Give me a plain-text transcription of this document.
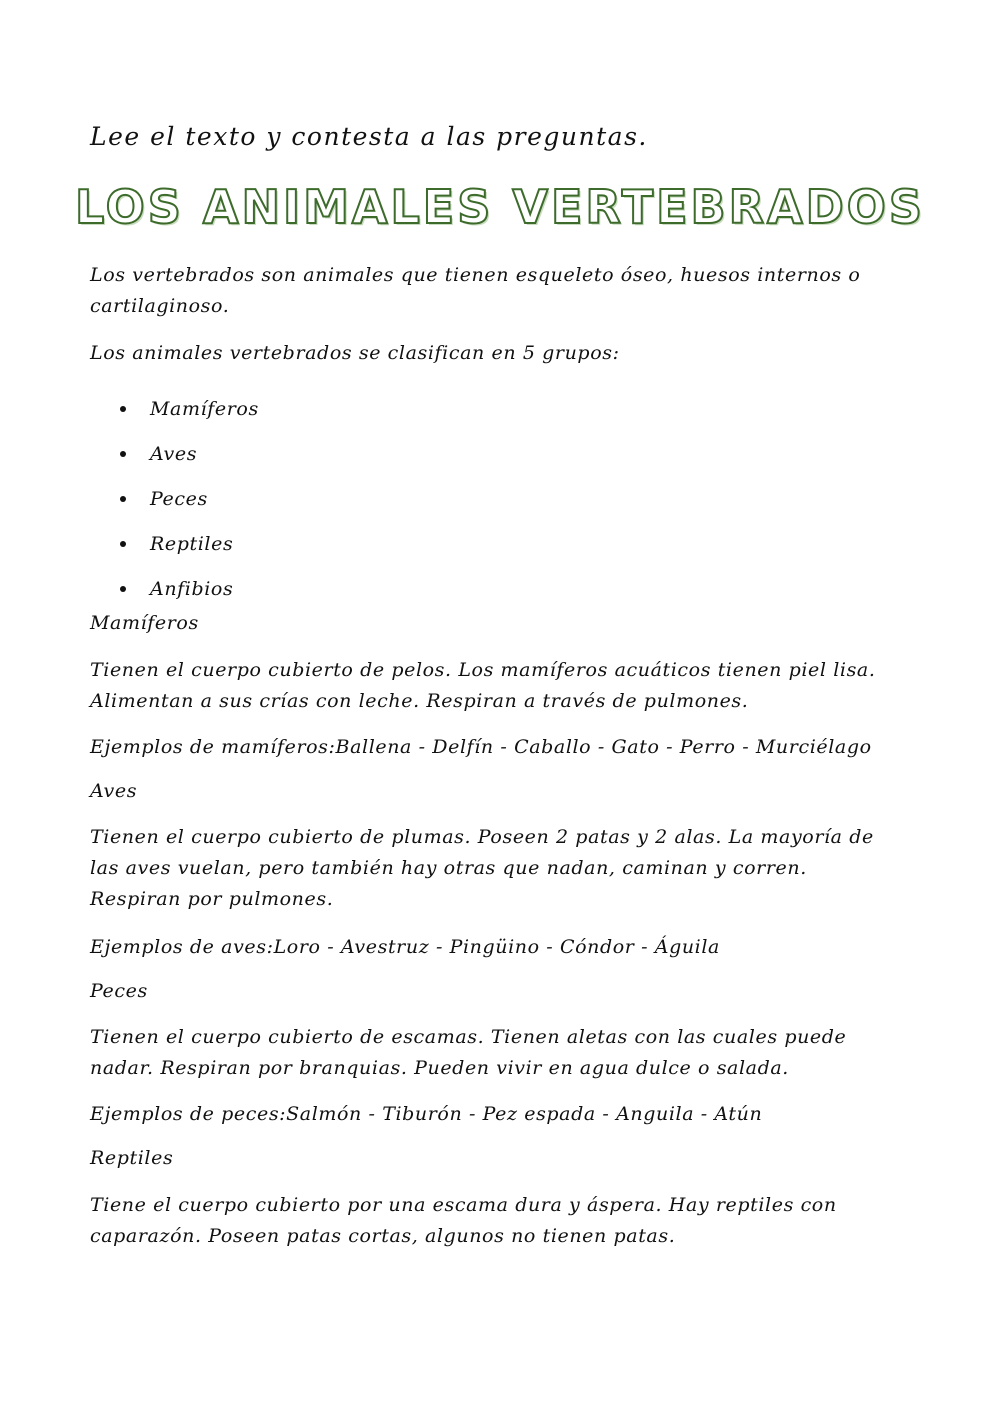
Lee el texto y contesta a las preguntas.
LOS ANIMALES VERTEBRADOS
Los vertebrados son animales que tienen esqueleto óseo, huesos internos o cartilaginoso.
Los animales vertebrados se clasifican en 5 grupos:
Mamíferos
Aves
Peces
Reptiles
Anfibios
Mamíferos
Tienen el cuerpo cubierto de pelos. Los mamíferos acuáticos tienen piel lisa. Alimentan a sus crías con leche. Respiran a través de pulmones.
Ejemplos de mamíferos:Ballena - Delfín - Caballo - Gato - Perro - Murciélago
Aves
Tienen el cuerpo cubierto de plumas. Poseen 2 patas y 2 alas. La mayoría de las aves vuelan, pero también hay otras que nadan, caminan y corren. Respiran por pulmones.
Ejemplos de aves:Loro - Avestruz - Pingüino - Cóndor - Águila
Peces
Tienen el cuerpo cubierto de escamas. Tienen aletas con las cuales puede nadar. Respiran por branquias. Pueden vivir en agua dulce o salada.
Ejemplos de peces:Salmón - Tiburón - Pez espada - Anguila - Atún
Reptiles
Tiene el cuerpo cubierto por una escama dura y áspera. Hay reptiles con caparazón. Poseen patas cortas, algunos no tienen patas.
